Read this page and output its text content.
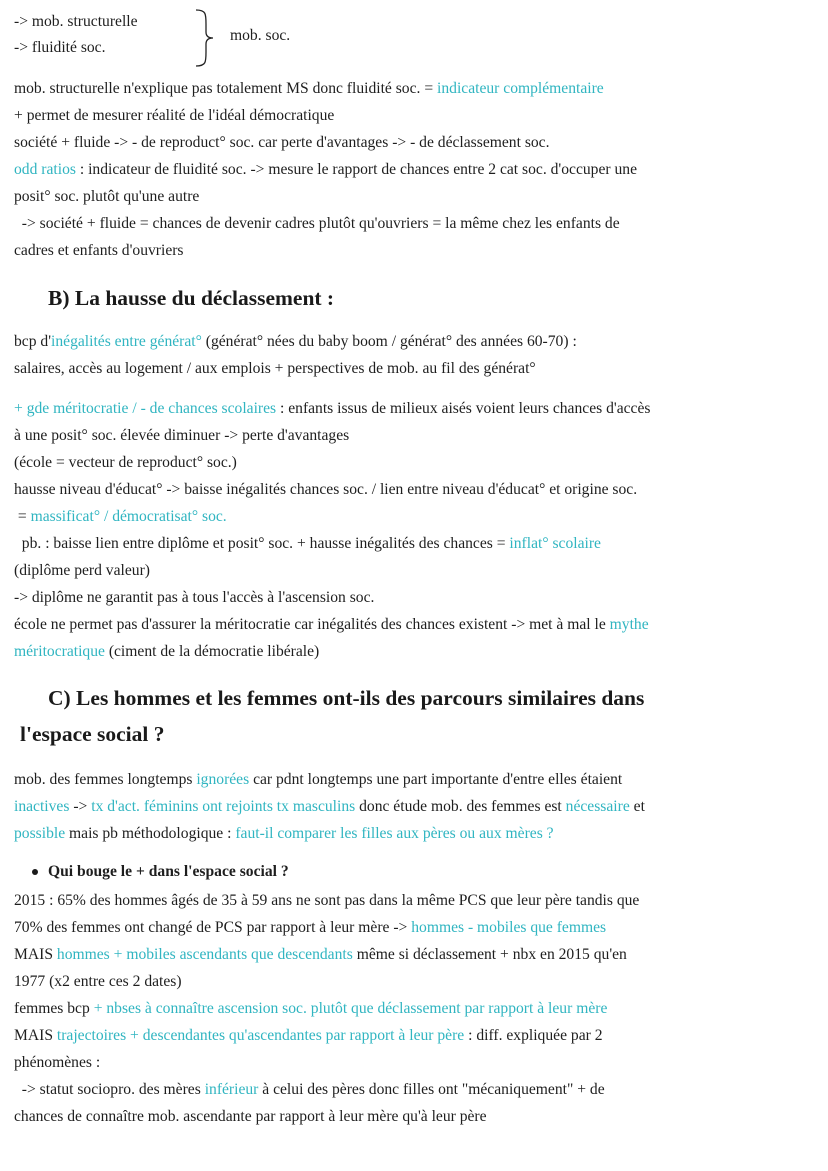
-> mob. structurelle
-> fluidité soc.
mob. soc.
mob. structurelle n'explique pas totalement MS donc fluidité soc. = indicateur complémentaire
+ permet de mesurer réalité de l'idéal démocratique
société + fluide -> - de reproduct° soc. car perte d'avantages -> - de déclassement soc.
odd ratios : indicateur de fluidité soc. -> mesure le rapport de chances entre 2 cat soc. d'occuper une
posit° soc. plutôt qu'une autre
-> société + fluide = chances de devenir cadres plutôt qu'ouvriers = la même chez les enfants de
cadres et enfants d'ouvriers
B) La hausse du déclassement :
bcp d'inégalités entre générat° (générat° nées du baby boom / générat° des années 60-70) :
salaires, accès au logement / aux emplois + perspectives de mob. au fil des générat°
+ gde méritocratie / - de chances scolaires : enfants issus de milieux aisés voient leurs chances d'accès
à une posit° soc. élevée diminuer -> perte d'avantages
(école = vecteur de reproduct° soc.)
hausse niveau d'éducat° -> baisse inégalités chances soc. / lien entre niveau d'éducat° et origine soc.
= massificat° / démocratisat° soc.
pb. : baisse lien entre diplôme et posit° soc. + hausse inégalités des chances = inflat° scolaire
(diplôme perd valeur)
-> diplôme ne garantit pas à tous l'accès à l'ascension soc.
école ne permet pas d'assurer la méritocratie car inégalités des chances existent -> met à mal le mythe
méritocratique (ciment de la démocratie libérale)
C) Les hommes et les femmes ont-ils des parcours similaires dans
l'espace social ?
mob. des femmes longtemps ignorées car pdnt longtemps une part importante d'entre elles étaient
inactives -> tx d'act. féminins ont rejoints tx masculins donc étude mob. des femmes est nécessaire et
possible mais pb méthodologique : faut-il comparer les filles aux pères ou aux mères ?
Qui bouge le + dans l'espace social ?
2015 : 65% des hommes âgés de 35 à 59 ans ne sont pas dans la même PCS que leur père tandis que
70% des femmes ont changé de PCS par rapport à leur mère -> hommes - mobiles que femmes
MAIS hommes + mobiles ascendants que descendants même si déclassement + nbx en 2015 qu'en
1977 (x2 entre ces 2 dates)
femmes bcp + nbses à connaître ascension soc. plutôt que déclassement par rapport à leur mère
MAIS trajectoires + descendantes qu'ascendantes par rapport à leur père : diff. expliquée par 2
phénomènes :
-> statut sociopro. des mères inférieur à celui des pères donc filles ont "mécaniquement" + de
chances de connaître mob. ascendante par rapport à leur mère qu'à leur père
